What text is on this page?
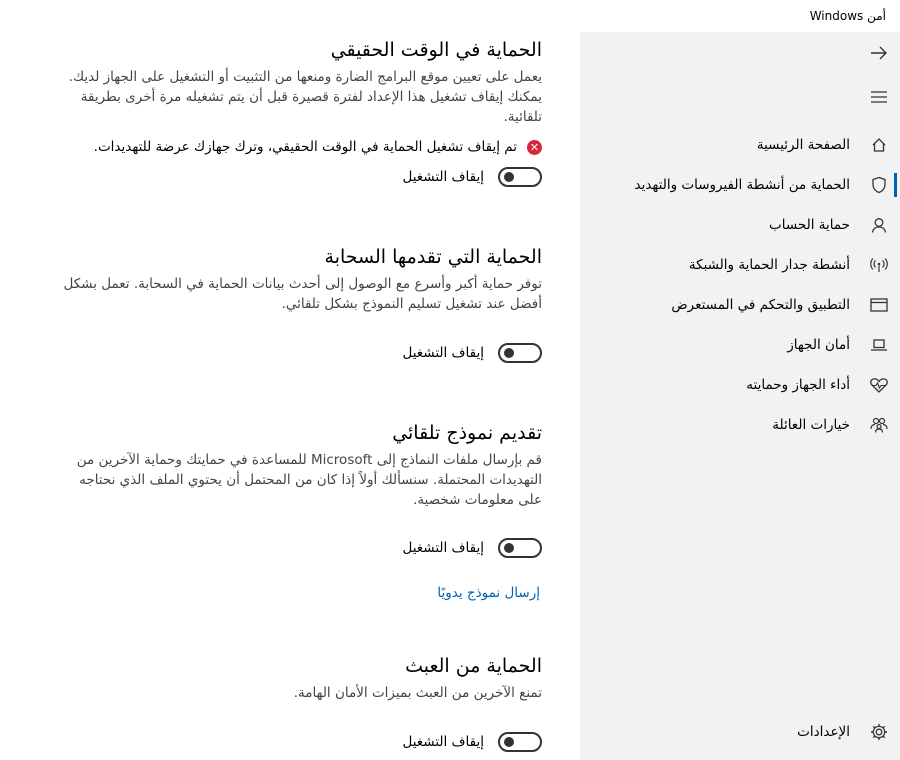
أمن Windows
الصفحة الرئيسية
الحماية من أنشطة الفيروسات والتهديد
حماية الحساب
أنشطة جدار الحماية والشبكة
التطبيق والتحكم في المستعرض
أمان الجهاز
أداء الجهاز وحمايته
خيارات العائلة
الإعدادات
الحماية في الوقت الحقيقي
يعمل على تعيين موقع البرامج الضارة ومنعها من التثبيت أو التشغيل على الجهاز لديك. يمكنك إيقاف تشغيل هذا الإعداد لفترة قصيرة قبل أن يتم تشغيله مرة أخرى بطريقة تلقائية.
✕
تم إيقاف تشغيل الحماية في الوقت الحقيقي، وترك جهازك عرضة للتهديدات.
إيقاف التشغيل
الحماية التي تقدمها السحابة
توفر حماية أكبر وأسرع مع الوصول إلى أحدث بيانات الحماية في السحابة. تعمل بشكل أفضل عند تشغيل تسليم النموذج بشكل تلقائي.
إيقاف التشغيل
تقديم نموذج تلقائي
قم بإرسال ملفات النماذج إلى Microsoft للمساعدة في حمايتك وحماية الآخرين من التهديدات المحتملة. سنسألك أولاً إذا كان من المحتمل أن يحتوي الملف الذي نحتاجه على معلومات شخصية.
إيقاف التشغيل
إرسال نموذج يدويًا
الحماية من العبث
تمنع الآخرين من العبث بميزات الأمان الهامة.
إيقاف التشغيل
